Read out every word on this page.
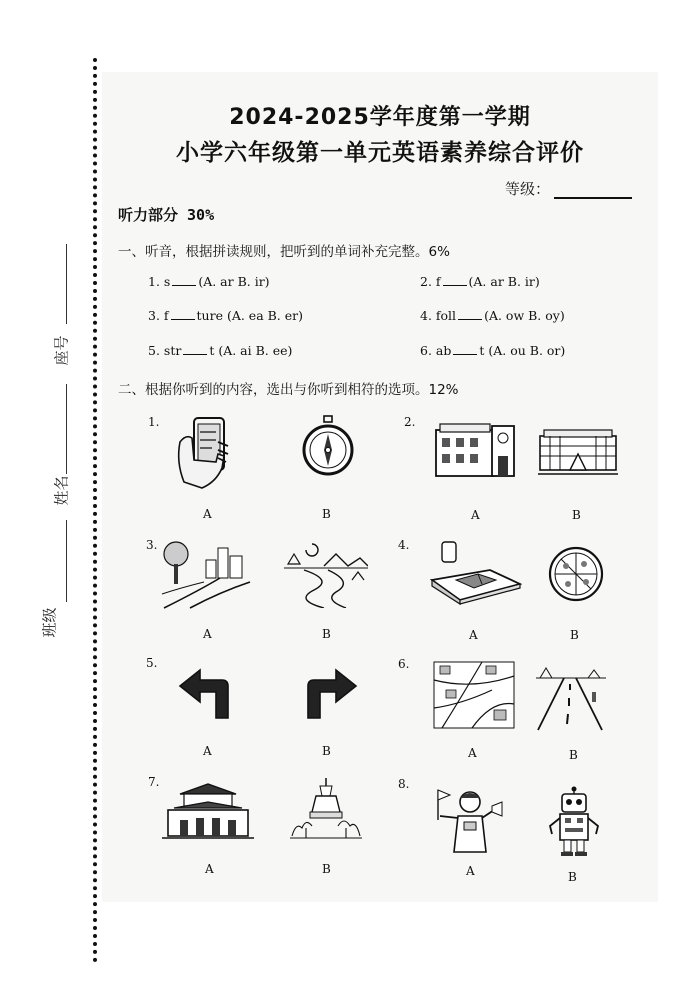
座号
姓名
班级
2024-2025学年度第一学期
小学六年级第一单元英语素养综合评价
等级：
听力部分 30%
一、听音，根据拼读规则，把听到的单词补充完整。6%
1. s (A. ar B. ir)	2. f (A. ar B. ir)
3. f ture (A. ea B. er)	4. foll (A. ow B. oy)
5. str t (A. ai B. ee)	6. ab t (A. ou B. or)
二、根据你听到的内容，选出与你听到相符的选项。12%
1.	2.
3.	4.
5.	6.
7.	8.
A	B	A	B
A	B	A	B
A	B	A	B
A	B	A	B
